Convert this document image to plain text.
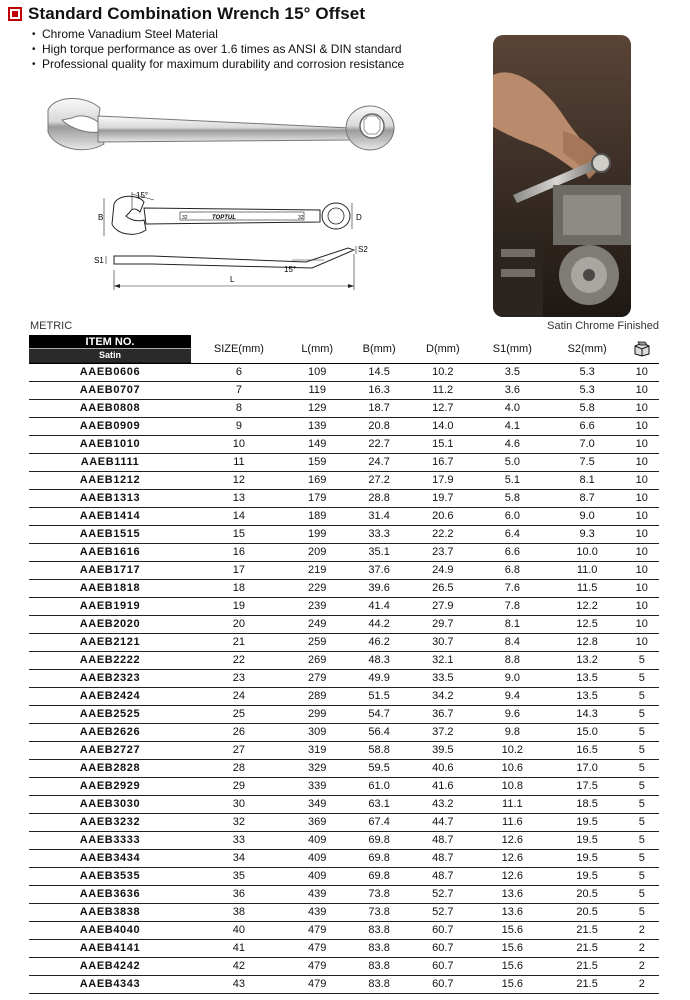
Standard Combination Wrench 15° Offset
• Chrome Vanadium Steel Material
• High torque performance as over 1.6 times as ANSI & DIN standard
• Professional quality for maximum durability and corrosion resistance
TOPTUL
32	32
15°
B	D
S1
S2
15°
L
METRIC	Satin Chrome Finished
ITEM NO.
Satin	SIZE(mm)	L(mm)	B(mm)	D(mm)	S1(mm)	S2(mm)	
AAEB0606	6	109	14.5	10.2	3.5	5.3	10
AAEB0707	7	119	16.3	11.2	3.6	5.3	10
AAEB0808	8	129	18.7	12.7	4.0	5.8	10
AAEB0909	9	139	20.8	14.0	4.1	6.6	10
AAEB1010	10	149	22.7	15.1	4.6	7.0	10
AAEB1111	11	159	24.7	16.7	5.0	7.5	10
AAEB1212	12	169	27.2	17.9	5.1	8.1	10
AAEB1313	13	179	28.8	19.7	5.8	8.7	10
AAEB1414	14	189	31.4	20.6	6.0	9.0	10
AAEB1515	15	199	33.3	22.2	6.4	9.3	10
AAEB1616	16	209	35.1	23.7	6.6	10.0	10
AAEB1717	17	219	37.6	24.9	6.8	11.0	10
AAEB1818	18	229	39.6	26.5	7.6	11.5	10
AAEB1919	19	239	41.4	27.9	7.8	12.2	10
AAEB2020	20	249	44.2	29.7	8.1	12.5	10
AAEB2121	21	259	46.2	30.7	8.4	12.8	10
AAEB2222	22	269	48.3	32.1	8.8	13.2	5
AAEB2323	23	279	49.9	33.5	9.0	13.5	5
AAEB2424	24	289	51.5	34.2	9.4	13.5	5
AAEB2525	25	299	54.7	36.7	9.6	14.3	5
AAEB2626	26	309	56.4	37.2	9.8	15.0	5
AAEB2727	27	319	58.8	39.5	10.2	16.5	5
AAEB2828	28	329	59.5	40.6	10.6	17.0	5
AAEB2929	29	339	61.0	41.6	10.8	17.5	5
AAEB3030	30	349	63.1	43.2	11.1	18.5	5
AAEB3232	32	369	67.4	44.7	11.6	19.5	5
AAEB3333	33	409	69.8	48.7	12.6	19.5	5
AAEB3434	34	409	69.8	48.7	12.6	19.5	5
AAEB3535	35	409	69.8	48.7	12.6	19.5	5
AAEB3636	36	439	73.8	52.7	13.6	20.5	5
AAEB3838	38	439	73.8	52.7	13.6	20.5	5
AAEB4040	40	479	83.8	60.7	15.6	21.5	2
AAEB4141	41	479	83.8	60.7	15.6	21.5	2
AAEB4242	42	479	83.8	60.7	15.6	21.5	2
AAEB4343	43	479	83.8	60.7	15.6	21.5	2
